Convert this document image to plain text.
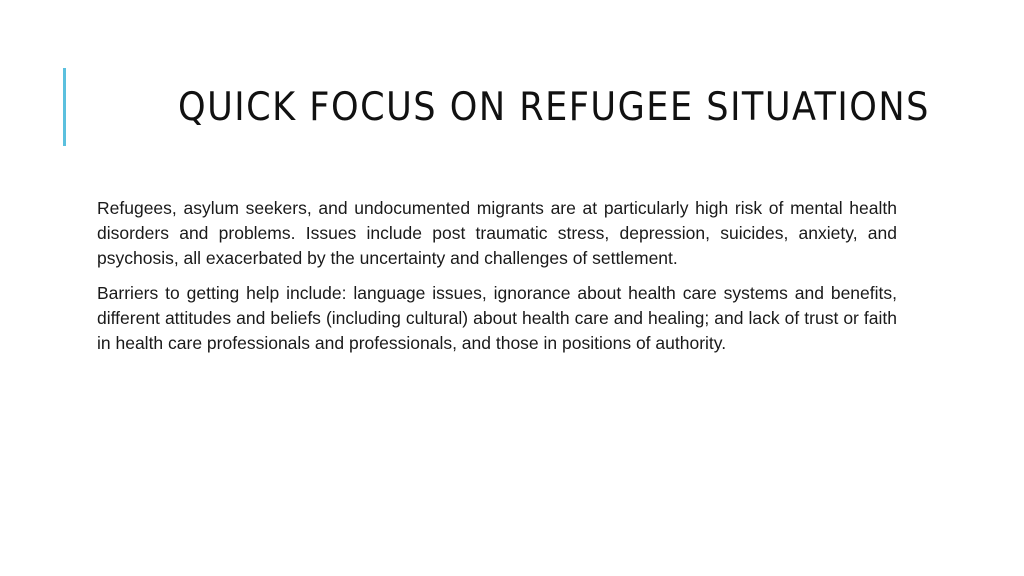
QUICK FOCUS ON REFUGEE SITUATIONS

Refugees, asylum seekers, and undocumented migrants are at particularly high risk of mental health disorders and problems. Issues include post traumatic stress, depression, suicides, anxiety, and psychosis, all exacerbated by the uncertainty and challenges of settlement.

Barriers to getting help include: language issues, ignorance about health care systems and benefits, different attitudes and beliefs (including cultural) about health care and healing; and lack of trust or faith in health care professionals and professionals, and those in positions of authority.
